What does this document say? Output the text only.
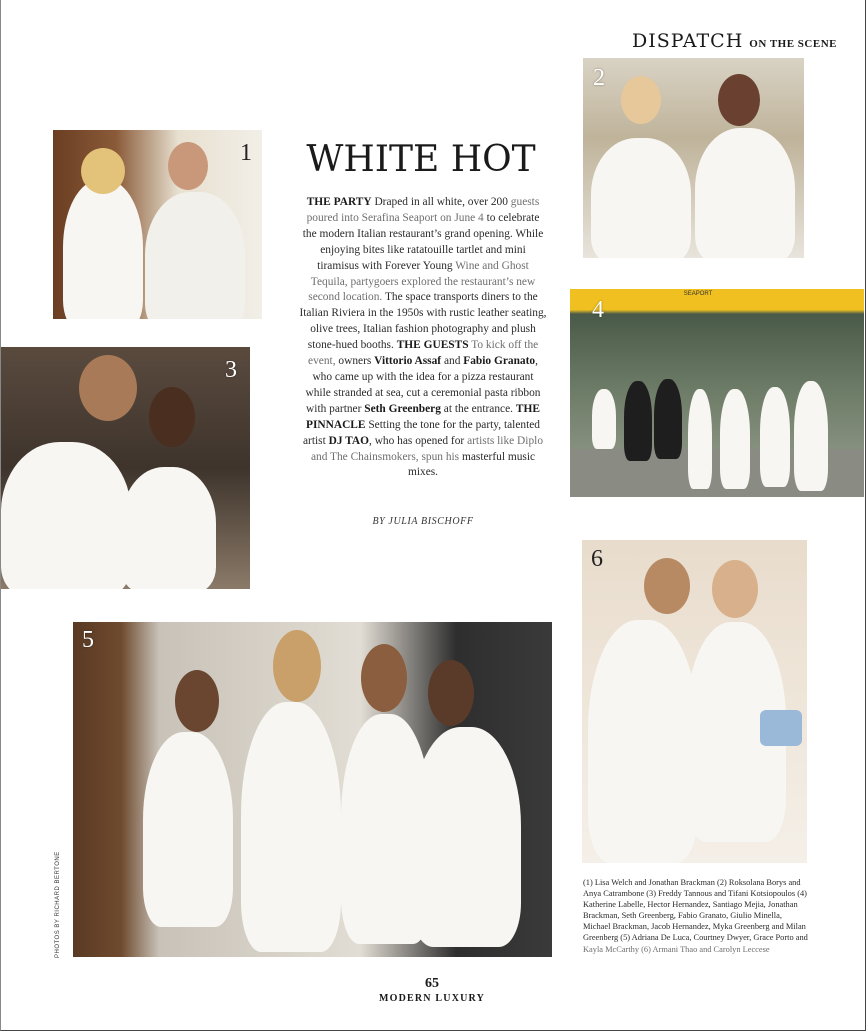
DISPATCH ON THE SCENE
1
2
3
SEAPORT
4
5
6
WHITE HOT
THE PARTY Draped in all white, over 200 guests poured into Serafina Seaport on June 4 to celebrate the modern Italian restaurant’s grand opening. While enjoying bites like ratatouille tartlet and mini tiramisus with Forever Young Wine and Ghost Tequila, partygoers explored the restaurant’s new second location. The space transports diners to the Italian Riviera in the 1950s with rustic leather seating, olive trees, Italian fashion photography and plush stone-hued booths. THE GUESTS To kick off the event, owners Vittorio Assaf and Fabio Granato, who came up with the idea for a pizza restaurant while stranded at sea, cut a ceremonial pasta ribbon with partner Seth Greenberg at the entrance. THE PINNACLE Setting the tone for the party, talented artist DJ TAO, who has opened for artists like Diplo and The Chainsmokers, spun his masterful music mixes.
BY JULIA BISCHOFF
PHOTOS BY RICHARD BERTONE	(1) Lisa Welch and Jonathan Brackman (2) Roksolana Borys and Anya Catrambone (3) Freddy Tannous and Tifani Kotsiopoulos (4) Katherine Labelle, Hector Hernandez, Santiago Mejia, Jonathan Brackman, Seth Greenberg, Fabio Granato, Giulio Minella, Michael Brackman, Jacob Hernandez, Myka Greenberg and Milan Greenberg (5) Adriana De Luca, Courtney Dwyer, Grace Porto and Kayla McCarthy (6) Armani Thao and Carolyn Leccese
65
MODERN LUXURY
